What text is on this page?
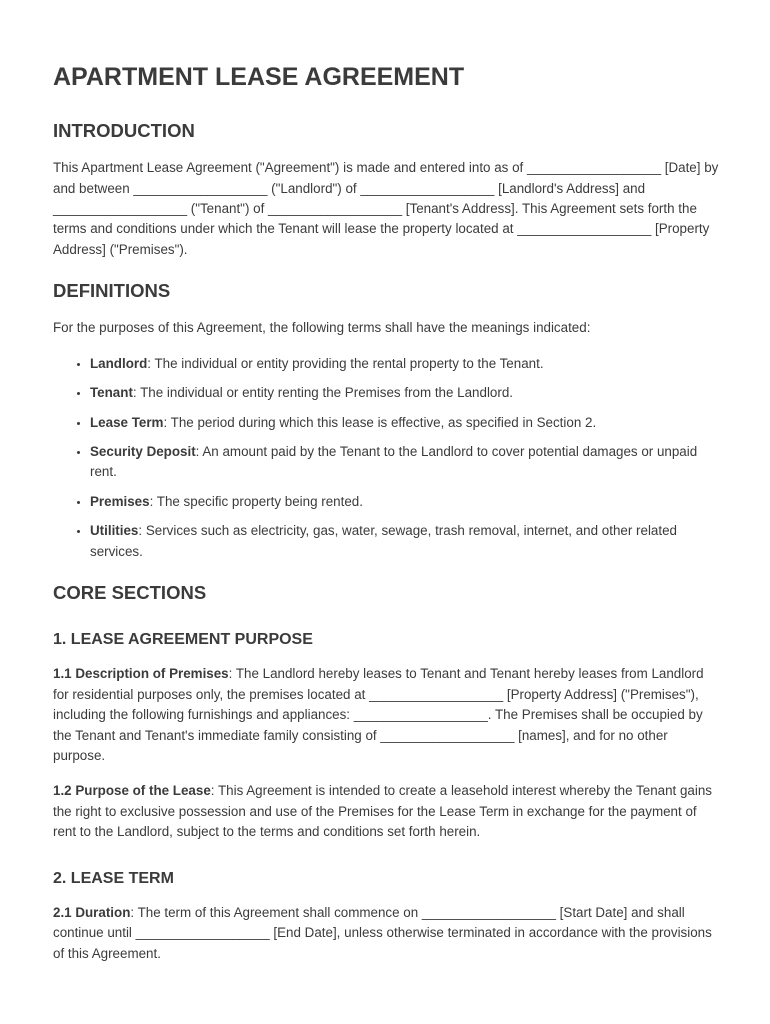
APARTMENT LEASE AGREEMENT
INTRODUCTION

This Apartment Lease Agreement ("Agreement") is made and entered into as of __________________ [Date] by and between __________________ ("Landlord") of __________________ [Landlord's Address] and __________________ ("Tenant") of __________________ [Tenant's Address]. This Agreement sets forth the terms and conditions under which the Tenant will lease the property located at __________________ [Property Address] ("Premises").

DEFINITIONS

For the purposes of this Agreement, the following terms shall have the meanings indicated:

• Landlord: The individual or entity providing the rental property to the Tenant.
• Tenant: The individual or entity renting the Premises from the Landlord.
• Lease Term: The period during which this lease is effective, as specified in Section 2.
• Security Deposit: An amount paid by the Tenant to the Landlord to cover potential damages or unpaid rent.
• Premises: The specific property being rented.
• Utilities: Services such as electricity, gas, water, sewage, trash removal, internet, and other related services.
CORE SECTIONS
1. LEASE AGREEMENT PURPOSE

1.1 Description of Premises: The Landlord hereby leases to Tenant and Tenant hereby leases from Landlord for residential purposes only, the premises located at __________________ [Property Address] ("Premises"), including the following furnishings and appliances: __________________. The Premises shall be occupied by the Tenant and Tenant's immediate family consisting of __________________ [names], and for no other purpose.

1.2 Purpose of the Lease: This Agreement is intended to create a leasehold interest whereby the Tenant gains the right to exclusive possession and use of the Premises for the Lease Term in exchange for the payment of rent to the Landlord, subject to the terms and conditions set forth herein.

2. LEASE TERM

2.1 Duration: The term of this Agreement shall commence on __________________ [Start Date] and shall continue until __________________ [End Date], unless otherwise terminated in accordance with the provisions of this Agreement.
